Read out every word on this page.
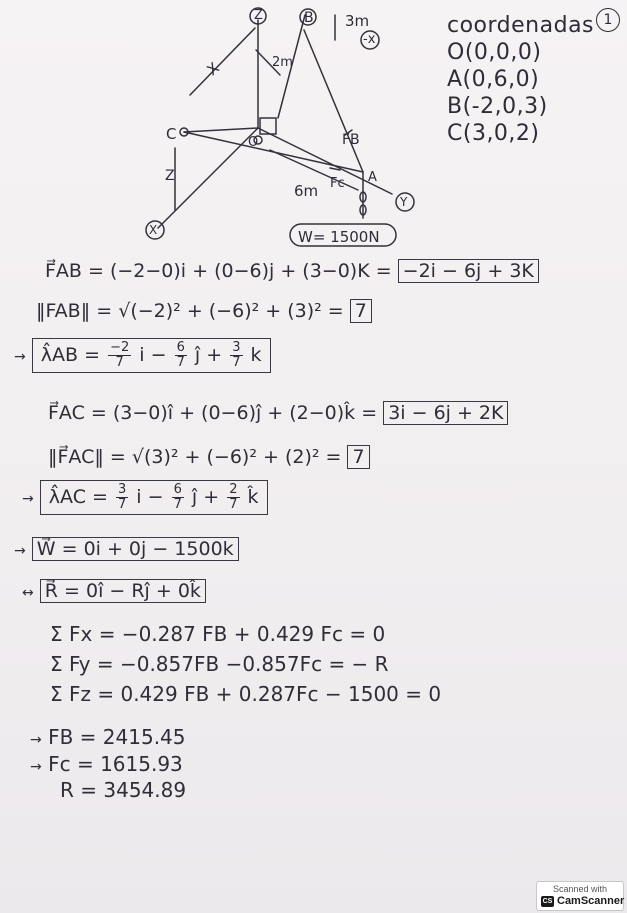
1
coordenadas
O(0,0,0)
A(0,6,0)
B(-2,0,3)
C(3,0,2)
Z	B 3m
-x
X	2m
C	O	FB
Z	A
Fc
6m
Y
X	W= 1500N
F⃗AB = (−2−0)i + (0−6)j + (3−0)K = −2i − 6j + 3K
‖FAB‖ = √(−2)² + (−6)² + (3)² = 7
→ λ̂AB = $\frac{-2}{7}$ $i - \frac{6}{7}$ ĵ + $\frac{3}{7}$ k
F⃗AC = (3−0)î + (0−6)ĵ + (2−0)k̂ = 3i − 6j + 2K
‖F⃗AC‖ = √(3)² + (−6)² + (2)² = 7
→ λ̂AC = $\frac{3}{7}$ $i - \frac{6}{7}$ ĵ + $\frac{2}{7}$ k̂
→ W⃗ = 0i + 0j − 1500k
↔ R⃗ = 0î − Rĵ + 0k̂
Σ Fx = −0.287 FB + 0.429 Fc = 0
Σ Fy = −0.857FB −0.857Fc = − R
Σ Fz = 0.429 FB + 0.287Fc − 1500 = 0
→ FB = 2415.45
→ Fc = 1615.93
R = 3454.89
Scanned with
CS CamScanner
